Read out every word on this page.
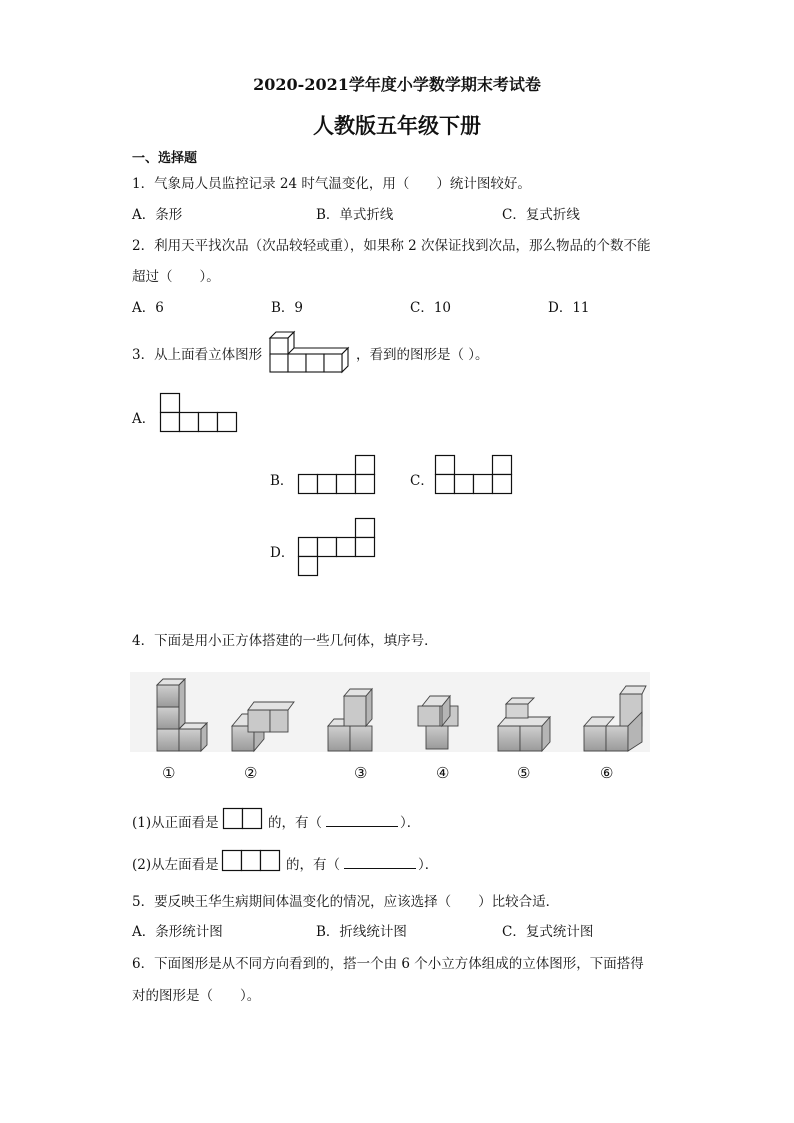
2020-2021学年度小学数学期末考试卷
人教版五年级下册
一、选择题
1．气象局人员监控记录 24 时气温变化，用（　　）统计图较好。
A．条形	B．单式折线	C．复式折线
2．利用天平找次品（次品较轻或重），如果称 2 次保证找到次品，那么物品的个数不能
超过（　　）。
A．6	B．9	C．10	D．11
3．从上面看立体图形	，看到的图形是（ ）。
A．
B．	C．
D．
4．下面是用小正方体搭建的一些几何体，填序号．
①	②	③	④	⑤	⑥
(1)从正面看是	的，有（	）．
(2)从左面看是	的，有（	）．
5．要反映王华生病期间体温变化的情况，应该选择（　　）比较合适．
A．条形统计图	B．折线统计图	C．复式统计图
6．下面图形是从不同方向看到的，搭一个由 6 个小立方体组成的立体图形，下面搭得
对的图形是（　　）。
